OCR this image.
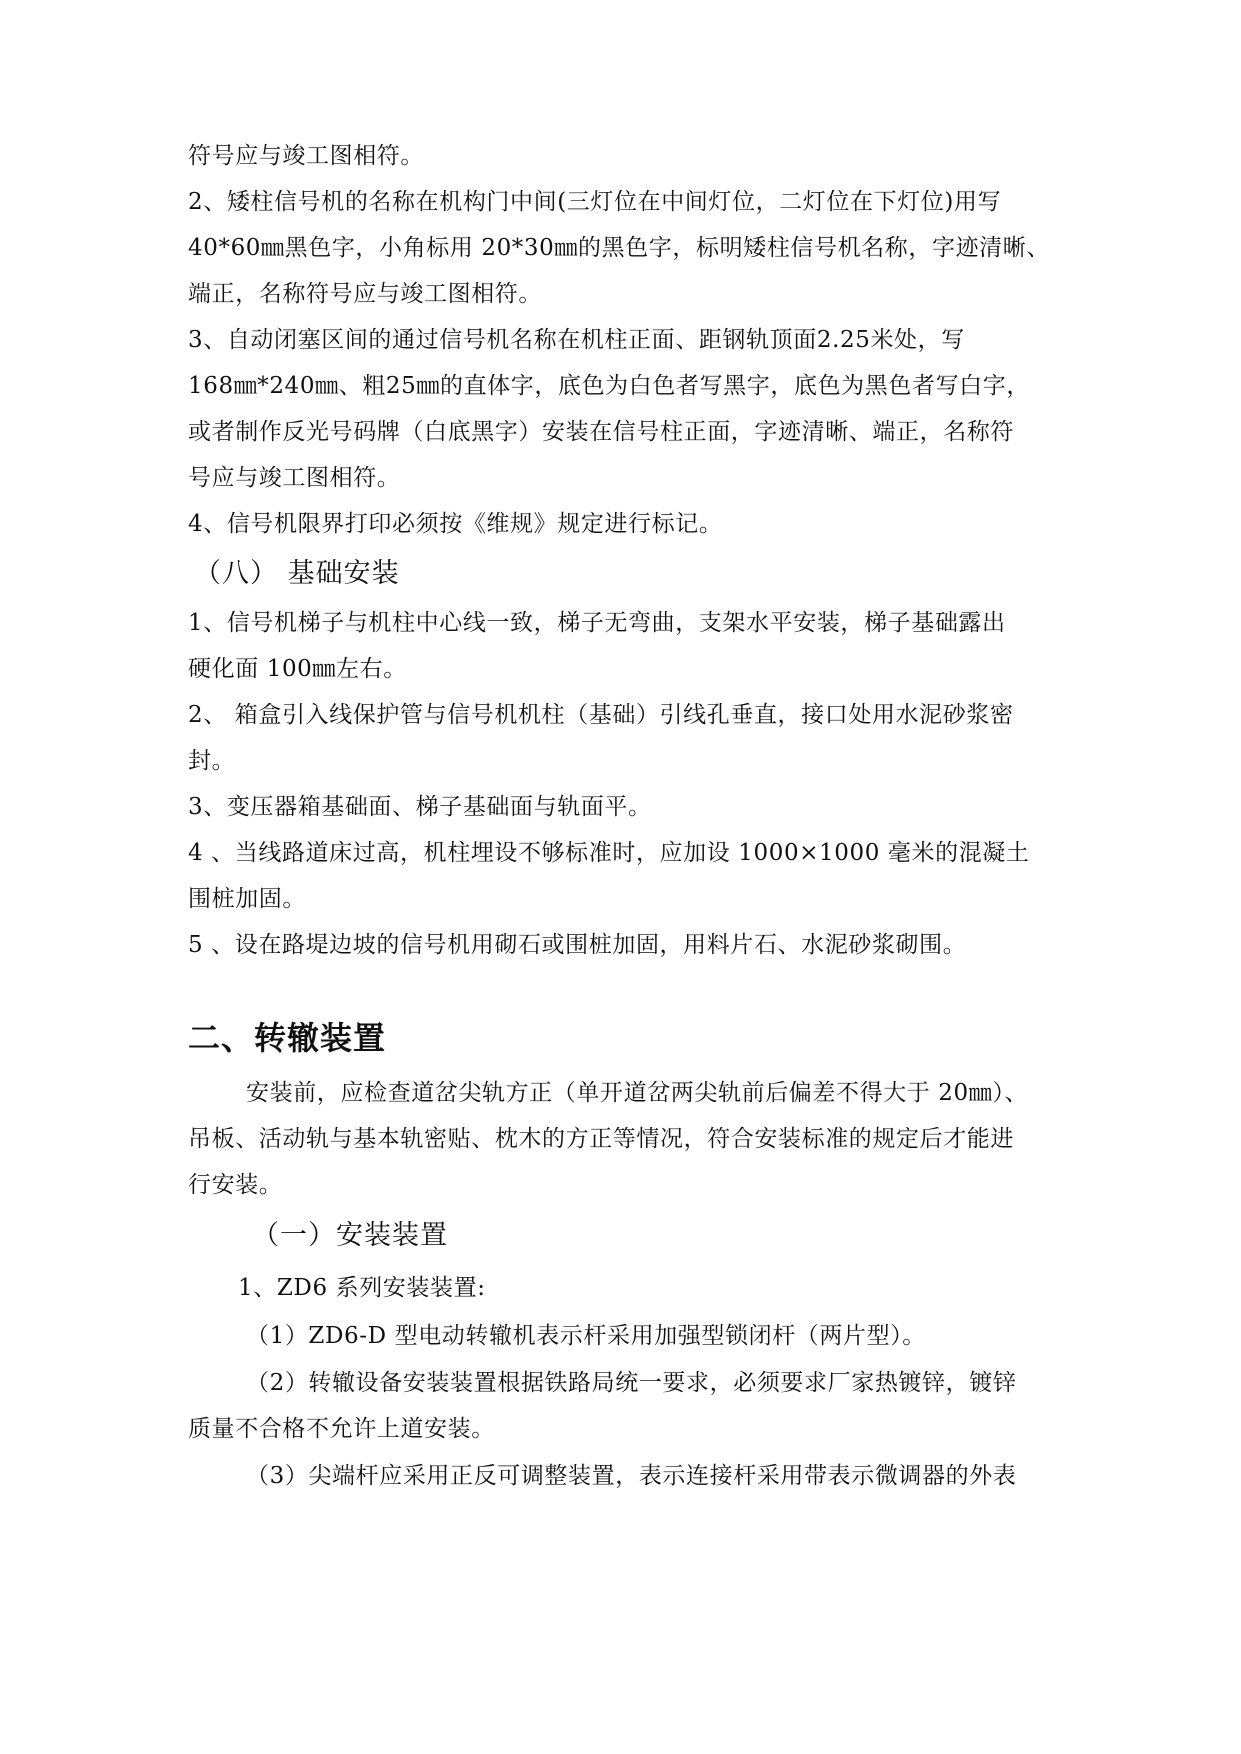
符号应与竣工图相符。
2、矮柱信号机的名称在机构门中间(三灯位在中间灯位，二灯位在下灯位)用写
40*60㎜黑色字，小角标用 20*30㎜的黑色字，标明矮柱信号机名称，字迹清晰、
端正，名称符号应与竣工图相符。
3、自动闭塞区间的通过信号机名称在机柱正面、距钢轨顶面2.25米处，写
168㎜*240㎜、粗25㎜的直体字，底色为白色者写黑字，底色为黑色者写白字，
或者制作反光号码牌（白底黑字）安装在信号柱正面，字迹清晰、端正，名称符
号应与竣工图相符。
4、信号机限界打印必须按《维规》规定进行标记。
（八） 基础安装
1、信号机梯子与机柱中心线一致，梯子无弯曲，支架水平安装，梯子基础露出
硬化面 100㎜左右。
2、 箱盒引入线保护管与信号机机柱（基础）引线孔垂直，接口处用水泥砂浆密
封。
3、变压器箱基础面、梯子基础面与轨面平。
4 、当线路道床过高，机柱埋设不够标准时，应加设 1000×1000 毫米的混凝土
围桩加固。
5 、设在路堤边坡的信号机用砌石或围桩加固，用料片石、水泥砂浆砌围。
二、转辙装置
安装前，应检查道岔尖轨方正（单开道岔两尖轨前后偏差不得大于 20㎜）、
吊板、活动轨与基本轨密贴、枕木的方正等情况，符合安装标准的规定后才能进
行安装。
（一）安装装置
1、ZD6 系列安装装置:
（1）ZD6-D 型电动转辙机表示杆采用加强型锁闭杆（两片型）。
（2）转辙设备安装装置根据铁路局统一要求，必须要求厂家热镀锌，镀锌
质量不合格不允许上道安装。
（3）尖端杆应采用正反可调整装置，表示连接杆采用带表示微调器的外表
